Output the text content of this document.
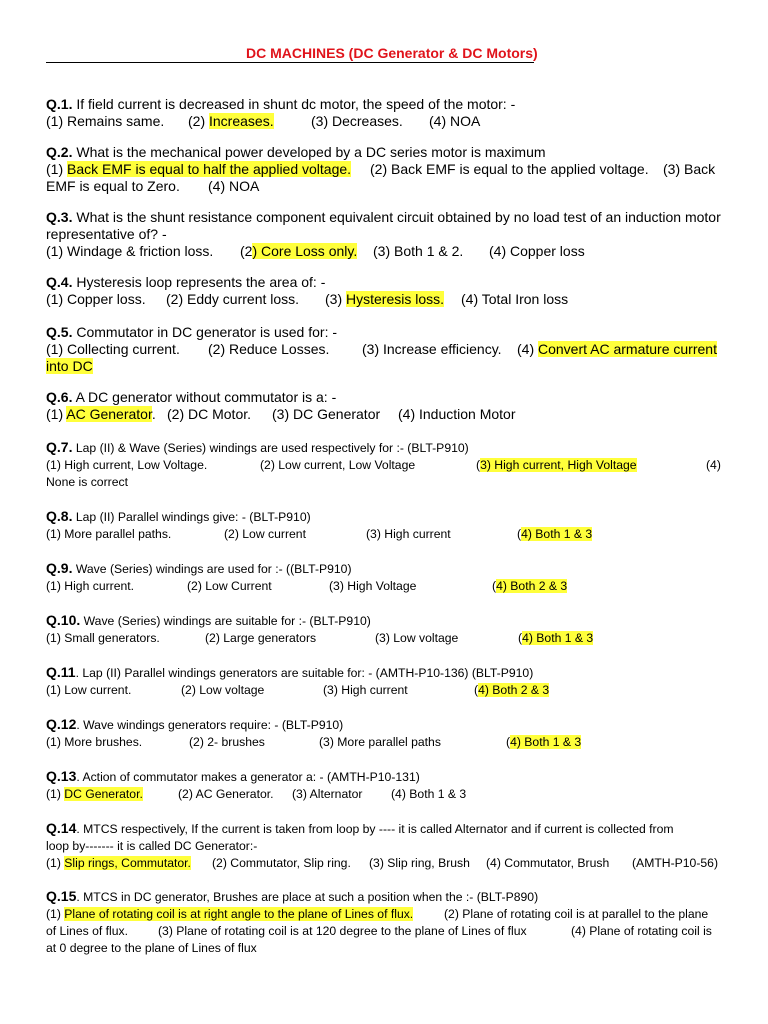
DC MACHINES (DC Generator & DC Motors)
Q.1. If field current is decreased in shunt dc motor, the speed of the motor: -
(1) Remains same. (2) Increases.	(3) Decreases. (4) NOA
Q.2. What is the mechanical power developed by a DC series motor is maximum
(1) Back EMF is equal to half the applied voltage. (2) Back EMF is equal to the applied voltage. (3) Back
EMF is equal to Zero. (4) NOA
Q.3. What is the shunt resistance component equivalent circuit obtained by no load test of an induction motor
representative of? -
(1) Windage & friction loss. (2) Core Loss only. (3) Both 1 & 2. (4) Copper loss
Q.4. Hysteresis loop represents the area of: -
(1) Copper loss. (2) Eddy current loss. (3) Hysteresis loss. (4) Total Iron loss
Q.5. Commutator in DC generator is used for: -
(1) Collecting current. (2) Reduce Losses. (3) Increase efficiency. (4) Convert AC armature current
into DC
Q.6. A DC generator without commutator is a: -
(1) AC Generator. (2) DC Motor. (3) DC Generator (4) Induction Motor
Q.7. Lap (II) & Wave (Series) windings are used respectively for :- (BLT-P910)
(1) High current, Low Voltage.	(2) Low current, Low Voltage	(3) High current, High Voltage	(4)
None is correct
Q.8. Lap (II) Parallel windings give: - (BLT-P910)
(1) More parallel paths.	(2) Low current	(3) High current	(4) Both 1 & 3
Q.9. Wave (Series) windings are used for :- ((BLT-P910)
(1) High current.	(2) Low Current	(3) High Voltage	(4) Both 2 & 3
Q.10. Wave (Series) windings are suitable for :- (BLT-P910)
(1) Small generators.	(2) Large generators	(3) Low voltage	(4) Both 1 & 3
Q.11. Lap (II) Parallel windings generators are suitable for: - (AMTH-P10-136) (BLT-P910)
(1) Low current.	(2) Low voltage	(3) High current	(4) Both 2 & 3
Q.12. Wave windings generators require: - (BLT-P910)
(1) More brushes.	(2) 2- brushes	(3) More parallel paths	(4) Both 1 & 3
Q.13. Action of commutator makes a generator a: - (AMTH-P10-131)
(1) DC Generator.	(2) AC Generator. (3) Alternator (4) Both 1 & 3
Q.14. MTCS respectively, If the current is taken from loop by ---- it is called Alternator and if current is collected from
loop by------- it is called DC Generator:-
(1) Slip rings, Commutator. (2) Commutator, Slip ring. (3) Slip ring, Brush (4) Commutator, Brush (AMTH-P10-56)
Q.15. MTCS in DC generator, Brushes are place at such a position when the :- (BLT-P890)
(1) Plane of rotating coil is at right angle to the plane of Lines of flux.	(2) Plane of rotating coil is at parallel to the plane
of Lines of flux. (3) Plane of rotating coil is at 120 degree to the plane of Lines of flux	(4) Plane of rotating coil is
at 0 degree to the plane of Lines of flux
